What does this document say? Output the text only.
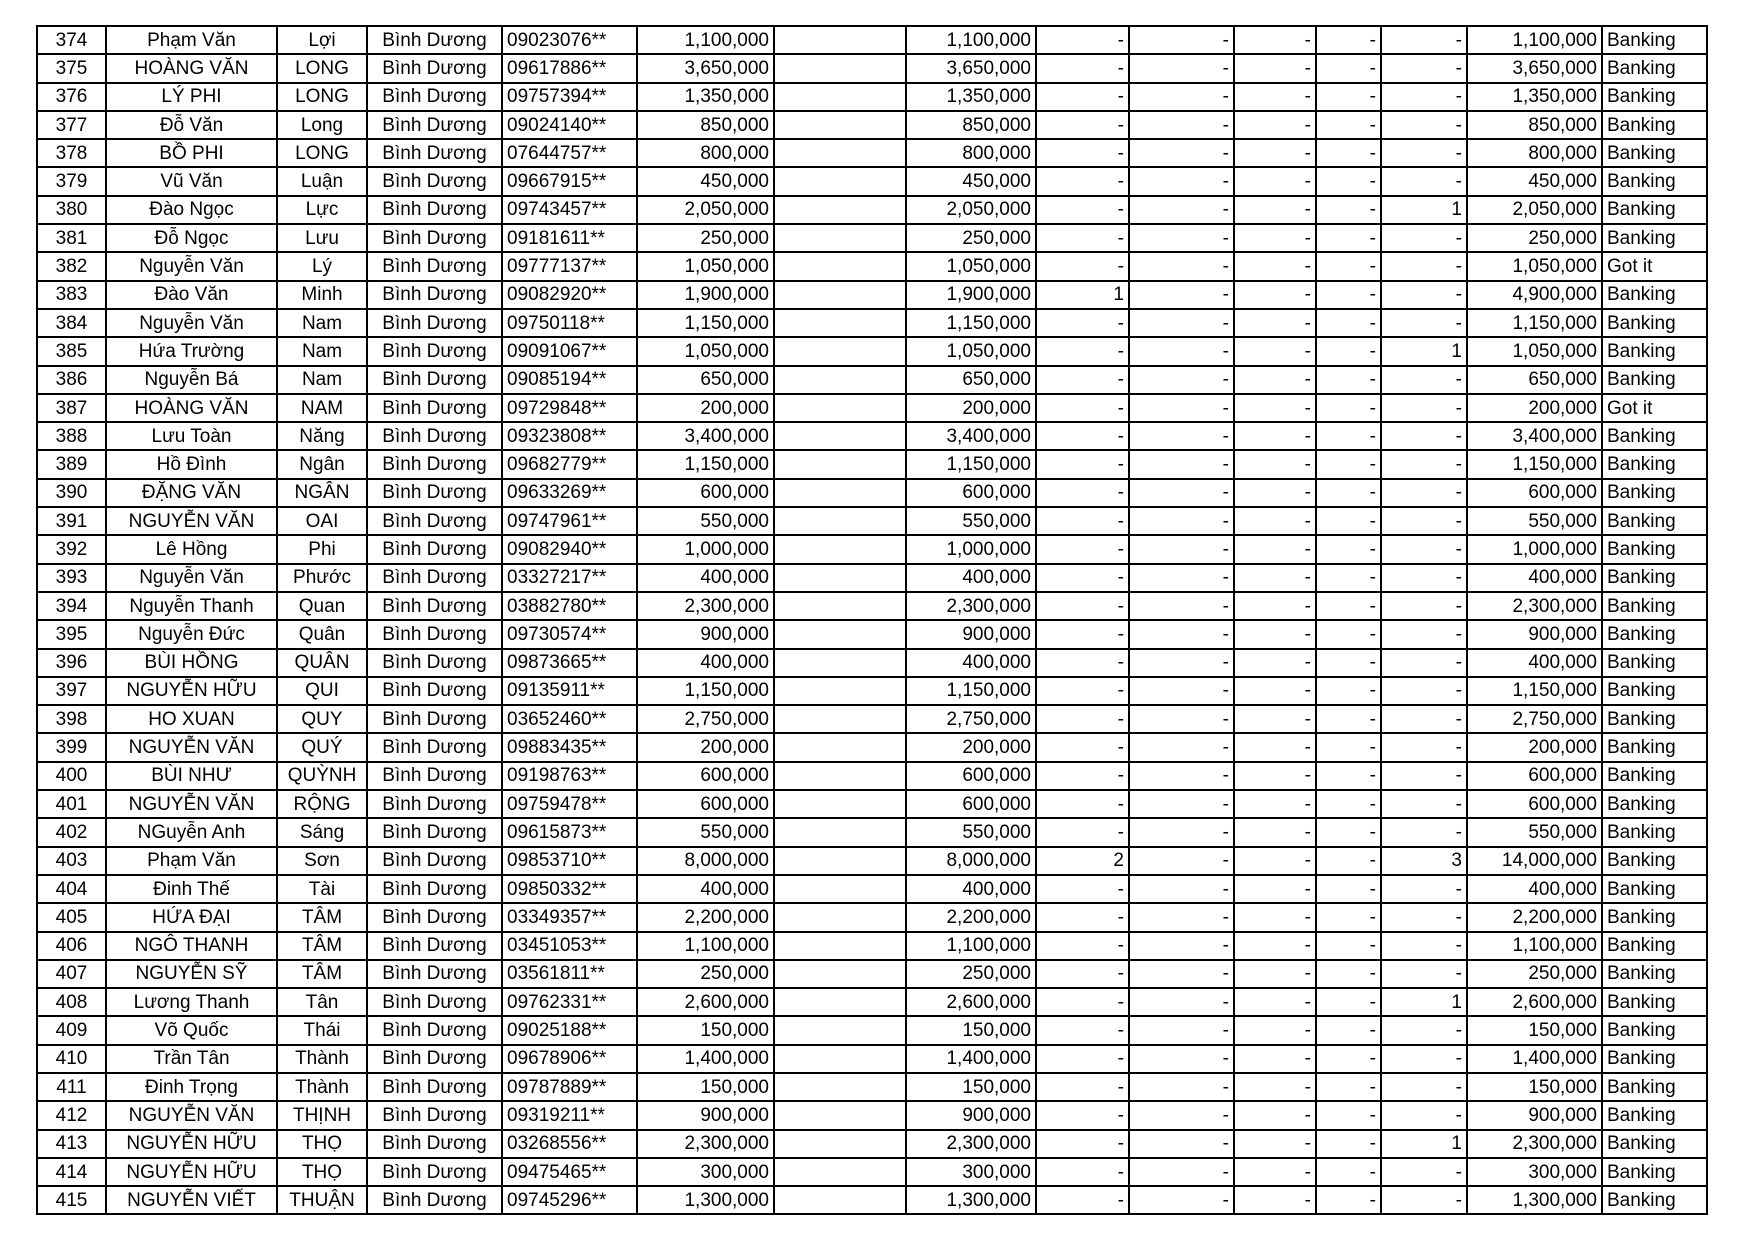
374	Phạm Văn	Lợi	Bình Dương	09023076**	1,100,000		1,100,000	-	-	-	-	-	1,100,000	Banking
375	HOÀNG VĂN	LONG	Bình Dương	09617886**	3,650,000		3,650,000	-	-	-	-	-	3,650,000	Banking
376	LÝ PHI	LONG	Bình Dương	09757394**	1,350,000		1,350,000	-	-	-	-	-	1,350,000	Banking
377	Đỗ Văn	Long	Bình Dương	09024140**	850,000		850,000	-	-	-	-	-	850,000	Banking
378	BỒ PHI	LONG	Bình Dương	07644757**	800,000		800,000	-	-	-	-	-	800,000	Banking
379	Vũ Văn	Luận	Bình Dương	09667915**	450,000		450,000	-	-	-	-	-	450,000	Banking
380	Đào Ngọc	Lực	Bình Dương	09743457**	2,050,000		2,050,000	-	-	-	-	1	2,050,000	Banking
381	Đỗ Ngọc	Lưu	Bình Dương	09181611**	250,000		250,000	-	-	-	-	-	250,000	Banking
382	Nguyễn Văn	Lý	Bình Dương	09777137**	1,050,000		1,050,000	-	-	-	-	-	1,050,000	Got it
383	Đào Văn	Minh	Bình Dương	09082920**	1,900,000		1,900,000	1	-	-	-	-	4,900,000	Banking
384	Nguyễn Văn	Nam	Bình Dương	09750118**	1,150,000		1,150,000	-	-	-	-	-	1,150,000	Banking
385	Hứa Trường	Nam	Bình Dương	09091067**	1,050,000		1,050,000	-	-	-	-	1	1,050,000	Banking
386	Nguyễn Bá	Nam	Bình Dương	09085194**	650,000		650,000	-	-	-	-	-	650,000	Banking
387	HOÀNG VĂN	NAM	Bình Dương	09729848**	200,000		200,000	-	-	-	-	-	200,000	Got it
388	Lưu Toàn	Năng	Bình Dương	09323808**	3,400,000		3,400,000	-	-	-	-	-	3,400,000	Banking
389	Hồ Đình	Ngân	Bình Dương	09682779**	1,150,000		1,150,000	-	-	-	-	-	1,150,000	Banking
390	ĐẶNG VĂN	NGÂN	Bình Dương	09633269**	600,000		600,000	-	-	-	-	-	600,000	Banking
391	NGUYỄN VĂN	OAI	Bình Dương	09747961**	550,000		550,000	-	-	-	-	-	550,000	Banking
392	Lê Hồng	Phi	Bình Dương	09082940**	1,000,000		1,000,000	-	-	-	-	-	1,000,000	Banking
393	Nguyễn Văn	Phước	Bình Dương	03327217**	400,000		400,000	-	-	-	-	-	400,000	Banking
394	Nguyễn Thanh	Quan	Bình Dương	03882780**	2,300,000		2,300,000	-	-	-	-	-	2,300,000	Banking
395	Nguyễn Đức	Quân	Bình Dương	09730574**	900,000		900,000	-	-	-	-	-	900,000	Banking
396	BÙI HỒNG	QUÂN	Bình Dương	09873665**	400,000		400,000	-	-	-	-	-	400,000	Banking
397	NGUYỄN HỮU	QUI	Bình Dương	09135911**	1,150,000		1,150,000	-	-	-	-	-	1,150,000	Banking
398	HO XUAN	QUY	Bình Dương	03652460**	2,750,000		2,750,000	-	-	-	-	-	2,750,000	Banking
399	NGUYỄN VĂN	QUÝ	Bình Dương	09883435**	200,000		200,000	-	-	-	-	-	200,000	Banking
400	BÙI NHƯ	QUỲNH	Bình Dương	09198763**	600,000		600,000	-	-	-	-	-	600,000	Banking
401	NGUYỄN VĂN	RỘNG	Bình Dương	09759478**	600,000		600,000	-	-	-	-	-	600,000	Banking
402	NGuyễn Anh	Sáng	Bình Dương	09615873**	550,000		550,000	-	-	-	-	-	550,000	Banking
403	Phạm Văn	Sơn	Bình Dương	09853710**	8,000,000		8,000,000	2	-	-	-	3	14,000,000	Banking
404	Đinh Thế	Tài	Bình Dương	09850332**	400,000		400,000	-	-	-	-	-	400,000	Banking
405	HỨA ĐẠI	TÂM	Bình Dương	03349357**	2,200,000		2,200,000	-	-	-	-	-	2,200,000	Banking
406	NGÔ THANH	TÂM	Bình Dương	03451053**	1,100,000		1,100,000	-	-	-	-	-	1,100,000	Banking
407	NGUYỄN SỸ	TÂM	Bình Dương	03561811**	250,000		250,000	-	-	-	-	-	250,000	Banking
408	Lương Thanh	Tân	Bình Dương	09762331**	2,600,000		2,600,000	-	-	-	-	1	2,600,000	Banking
409	Võ Quốc	Thái	Bình Dương	09025188**	150,000		150,000	-	-	-	-	-	150,000	Banking
410	Trần Tân	Thành	Bình Dương	09678906**	1,400,000		1,400,000	-	-	-	-	-	1,400,000	Banking
411	Đinh Trọng	Thành	Bình Dương	09787889**	150,000		150,000	-	-	-	-	-	150,000	Banking
412	NGUYỄN VĂN	THỊNH	Bình Dương	09319211**	900,000		900,000	-	-	-	-	-	900,000	Banking
413	NGUYỄN HỮU	THỌ	Bình Dương	03268556**	2,300,000		2,300,000	-	-	-	-	1	2,300,000	Banking
414	NGUYỄN HỮU	THỌ	Bình Dương	09475465**	300,000		300,000	-	-	-	-	-	300,000	Banking
415	NGUYỄN VIẾT	THUẬN	Bình Dương	09745296**	1,300,000		1,300,000	-	-	-	-	-	1,300,000	Banking
